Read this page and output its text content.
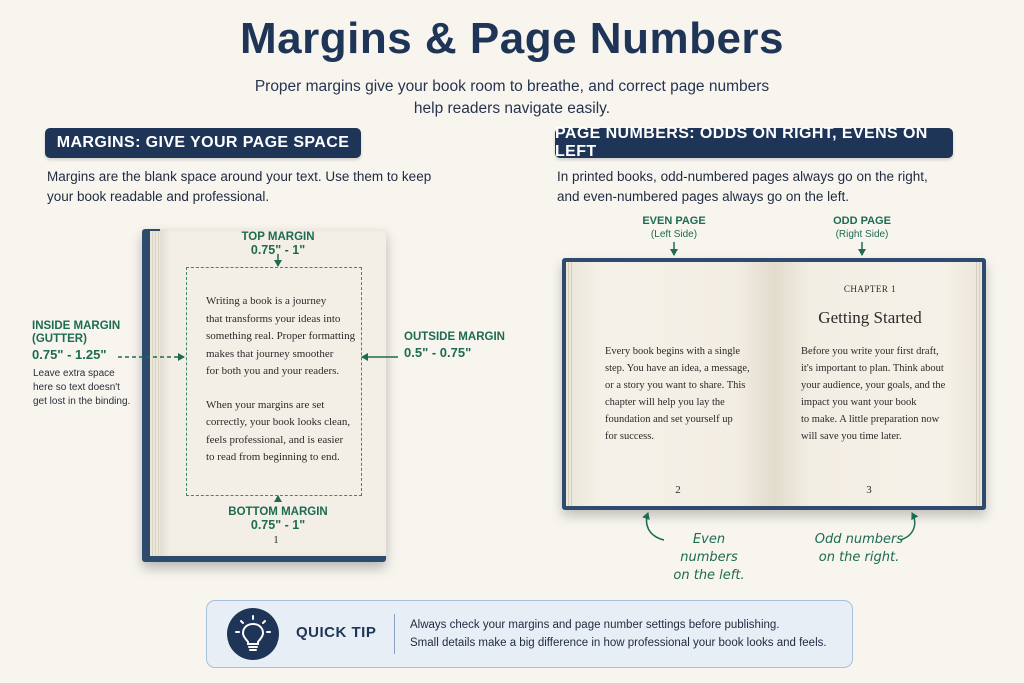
Margins & Page Numbers
Proper margins give your book room to breathe, and correct page numbers
help readers navigate easily.
MARGINS: GIVE YOUR PAGE SPACE
Margins are the blank space around your text. Use them to keep
your book readable and professional.

Writing a book is a journey
that transforms your ideas into
something real. Proper formatting
makes that journey smoother
for both you and your readers.

When your margins are set
correctly, your book looks clean,
feels professional, and is easier
to read from beginning to end.

1
TOP MARGIN
0.75" - 1"
BOTTOM MARGIN
0.75" - 1"
INSIDE MARGIN
(GUTTER)
0.75" - 1.25"
Leave extra space
here so text doesn't
get lost in the binding.
OUTSIDE MARGIN
0.5" - 0.75"
PAGE NUMBERS: ODDS ON RIGHT, EVENS ON LEFT
In printed books, odd-numbered pages always go on the right,
and even-numbered pages always go on the left.
EVEN PAGE
(Left Side)
ODD PAGE
(Right Side)
Every book begins with a single
step. You have an idea, a message,
or a story you want to share. This
chapter will help you lay the
foundation and set yourself up
for success.
CHAPTER 1
Getting Started
Before you write your first draft,
it's important to plan. Think about
your audience, your goals, and the
impact you want your book
to make. A little preparation now
will save you time later.
2	3
Even numbers
on the left.
Odd numbers
on the right.
QUICK TIP	Always check your margins and page number settings before publishing.
Small details make a big difference in how professional your book looks and feels.
